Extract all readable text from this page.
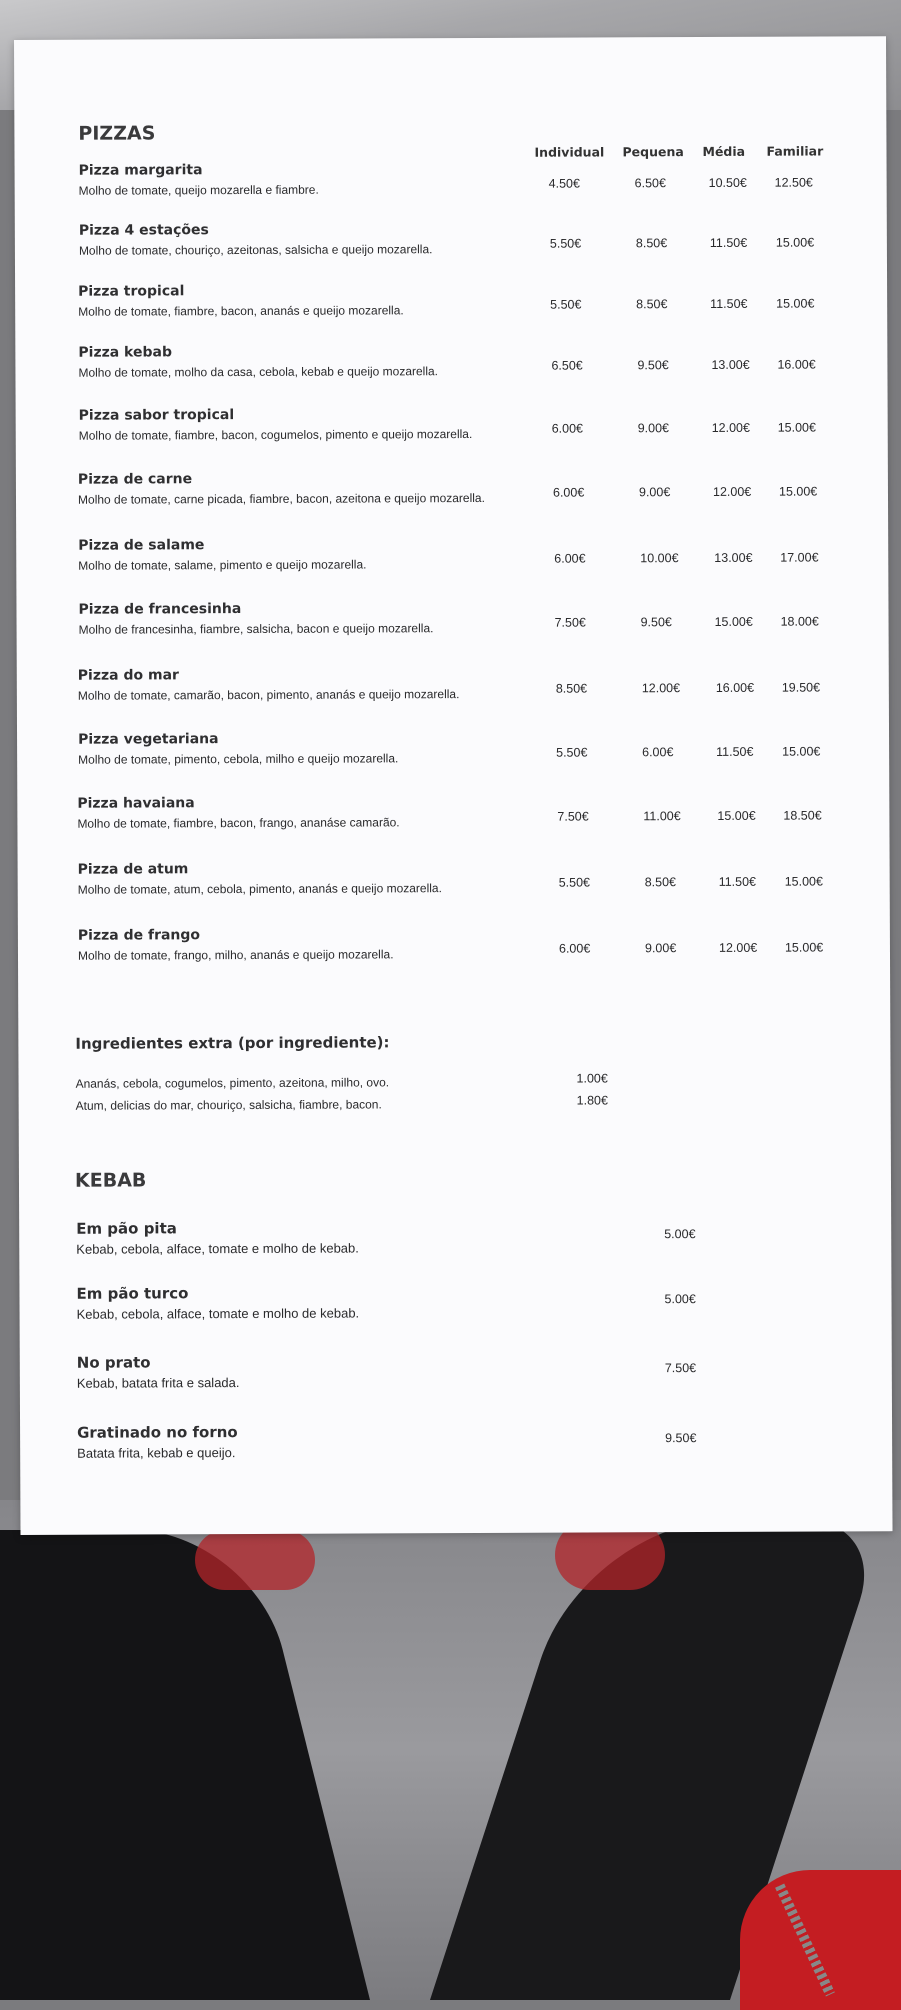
PIZZAS
Individual Pequena Média Familiar
Pizza margarita
Molho de tomate, queijo mozarella e fiambre.	4.50€	6.50€	10.50€ 12.50€
Pizza 4 estações
Molho de tomate, chouriço, azeitonas, salsicha e queijo mozarella.	5.50€	8.50€	11.50€ 15.00€
Pizza tropical
Molho de tomate, fiambre, bacon, ananás e queijo mozarella.	5.50€	8.50€	11.50€ 15.00€
Pizza kebab
Molho de tomate, molho da casa, cebola, kebab e queijo mozarella.	6.50€	9.50€	13.00€ 16.00€
Pizza sabor tropical
Molho de tomate, fiambre, bacon, cogumelos, pimento e queijo mozarella.	6.00€	9.00€	12.00€ 15.00€
Pizza de carne
Molho de tomate, carne picada, fiambre, bacon, azeitona e queijo mozarella.	6.00€	9.00€	12.00€ 15.00€
Pizza de salame
Molho de tomate, salame, pimento e queijo mozarella.	6.00€	10.00€	13.00€ 17.00€
Pizza de francesinha
Molho de francesinha, fiambre, salsicha, bacon e queijo mozarella.	7.50€	9.50€	15.00€ 18.00€
Pizza do mar
Molho de tomate, camarão, bacon, pimento, ananás e queijo mozarella.	8.50€	12.00€	16.00€ 19.50€
Pizza vegetariana
Molho de tomate, pimento, cebola, milho e queijo mozarella.	5.50€	6.00€	11.50€ 15.00€
Pizza havaiana
Molho de tomate, fiambre, bacon, frango, ananáse camarão.	7.50€	11.00€	15.00€ 18.50€
Pizza de atum
Molho de tomate, atum, cebola, pimento, ananás e queijo mozarella.	5.50€	8.50€	11.50€ 15.00€
Pizza de frango
Molho de tomate, frango, milho, ananás e queijo mozarella.	6.00€	9.00€	12.00€ 15.00€
Ingredientes extra (por ingrediente):
Ananás, cebola, cogumelos, pimento, azeitona, milho, ovo.	1.00€
Atum, delicias do mar, chouriço, salsicha, fiambre, bacon.	1.80€
KEBAB
Em pão pita
Kebab, cebola, alface, tomate e molho de kebab.
5.00€
Em pão turco
Kebab, cebola, alface, tomate e molho de kebab.
5.00€
No prato
Kebab, batata frita e salada.
7.50€
Gratinado no forno
Batata frita, kebab e queijo.
9.50€
